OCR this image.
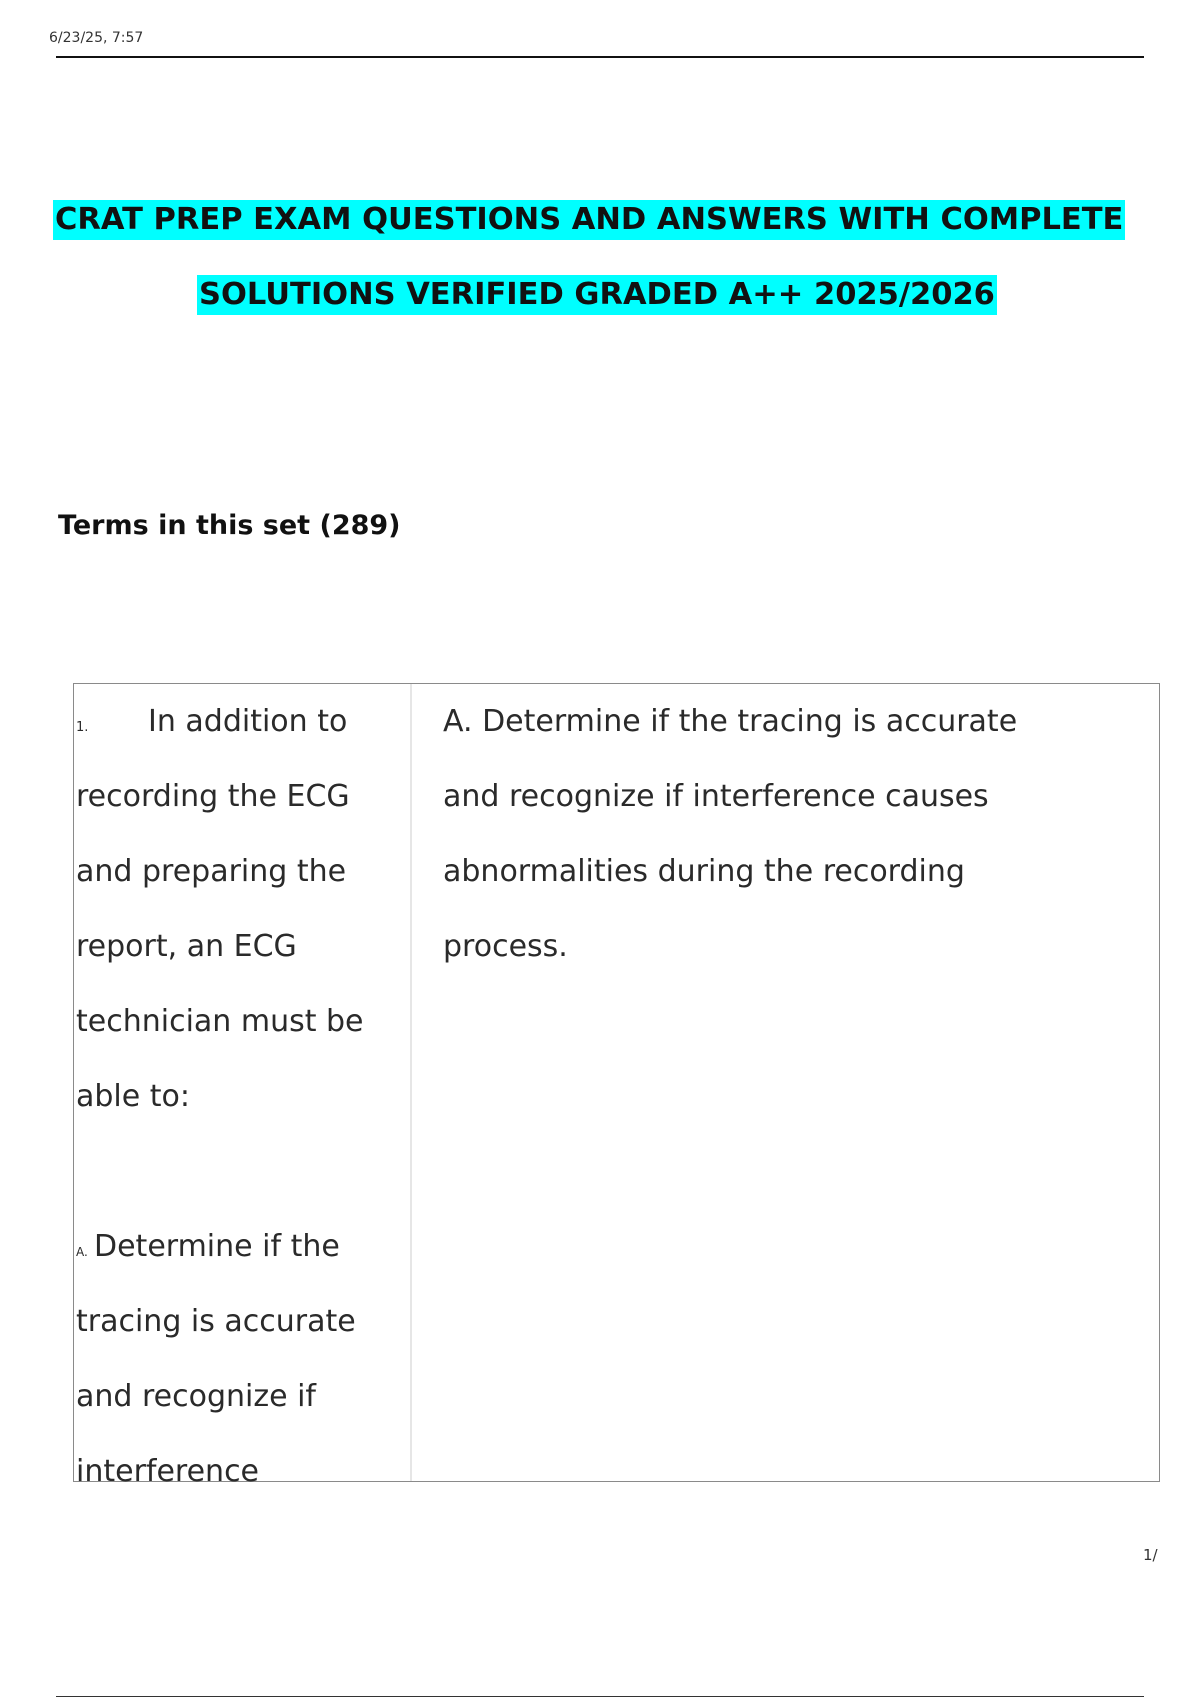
6/23/25, 7:57
CRAT PREP EXAM QUESTIONS AND ANSWERS WITH COMPLETE
SOLUTIONS VERIFIED GRADED A++ 2025/2026
Terms in this set (289)
1. In addition to
recording the ECG
and preparing the
report, an ECG
technician must be
able to:
A. Determine if the
tracing is accurate
and recognize if
interference
A. Determine if the tracing is accurate
and recognize if interference causes
abnormalities during the recording
process.
1/
